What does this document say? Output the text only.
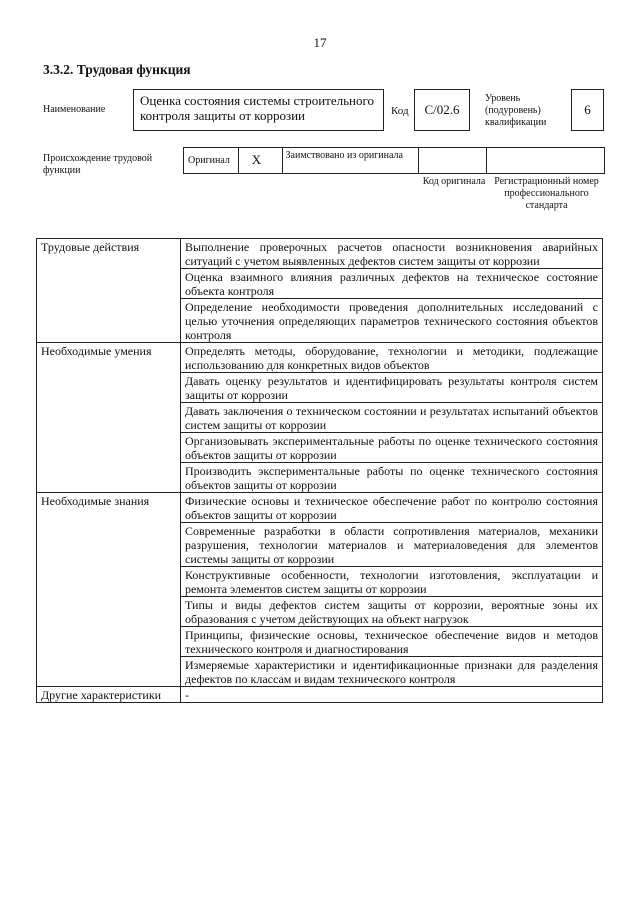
17
3.3.2. Трудовая функция
Наименование
Оценка состояния системы строительного контроля защиты от коррозии	Код	C/02.6
Уровень (подуровень) квалификации
6
Происхождение трудовой функции
Оригинал	X	Заимствовано из оригинала
Код оригинала Регистрационный номер профессионального стандарта
Трудовые действия	Выполнение проверочных расчетов опасности возникновения аварийных ситуаций с учетом выявленных дефектов систем защиты от коррозии
	Оценка взаимного влияния различных дефектов на техническое состояние объекта контроля
	Определение необходимости проведения дополнительных исследований с целью уточнения определяющих параметров технического состояния объектов контроля
Необходимые умения	Определять методы, оборудование, технологии и методики, подлежащие использованию для конкретных видов объектов
	Давать оценку результатов и идентифицировать результаты контроля систем защиты от коррозии
	Давать заключения о техническом состоянии и результатах испытаний объектов систем защиты от коррозии
	Организовывать экспериментальные работы по оценке технического состояния объектов защиты от коррозии
	Производить экспериментальные работы по оценке технического состояния объектов защиты от коррозии
Необходимые знания	Физические основы и техническое обеспечение работ по контролю состояния объектов защиты от коррозии
	Современные разработки в области сопротивления материалов, механики разрушения, технологии материалов и материаловедения для элементов системы защиты от коррозии
	Конструктивные особенности, технологии изготовления, эксплуатации и ремонта элементов систем защиты от коррозии
	Типы и виды дефектов систем защиты от коррозии, вероятные зоны их образования с учетом действующих на объект нагрузок
	Принципы, физические основы, техническое обеспечение видов и методов технического контроля и диагностирования
	Измеряемые характеристики и идентификационные признаки для разделения дефектов по классам и видам технического контроля
Другие характеристики	-
